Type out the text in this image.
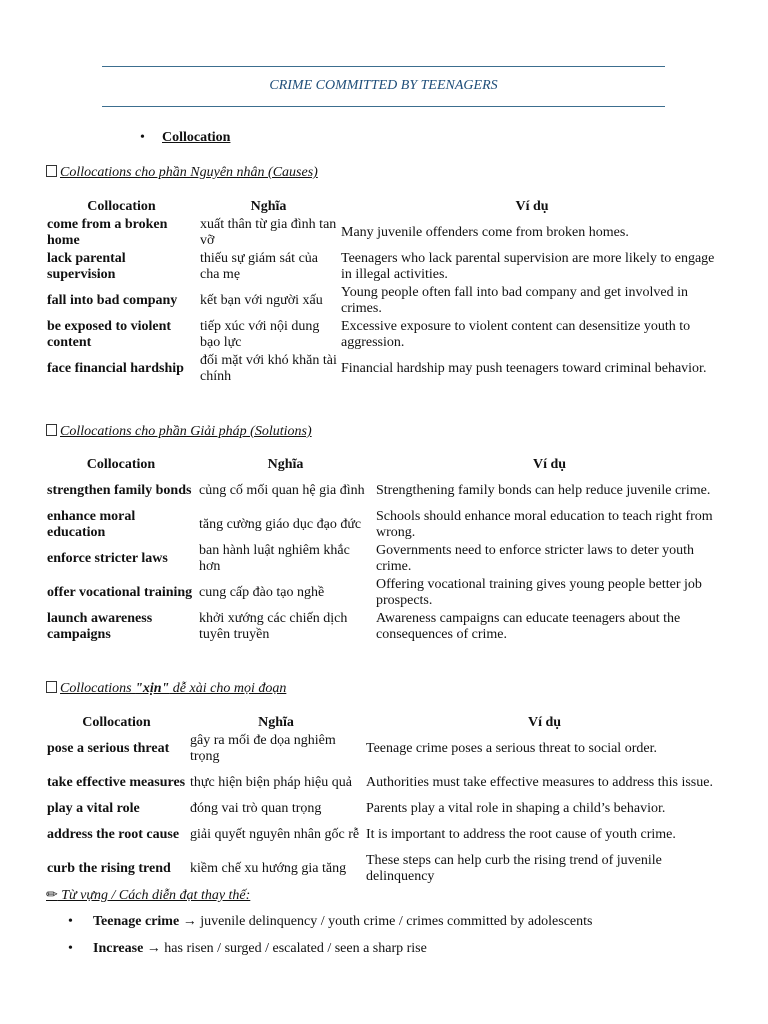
CRIME COMMITTED BY TEENAGERS
• Collocation
Collocations cho phần Nguyên nhân (Causes)
Collocation	Nghĩa	Ví dụ
come from a broken home	xuất thân từ gia đình tan vỡ	Many juvenile offenders come from broken homes.
lack parental supervision	thiếu sự giám sát của cha mẹ	Teenagers who lack parental supervision are more likely to engage in illegal activities.
fall into bad company	kết bạn với người xấu	Young people often fall into bad company and get involved in crimes.
be exposed to violent content	tiếp xúc với nội dung bạo lực	Excessive exposure to violent content can desensitize youth to aggression.
face financial hardship	đối mặt với khó khăn tài chính	Financial hardship may push teenagers toward criminal behavior.
Collocations cho phần Giải pháp (Solutions)
Collocation	Nghĩa	Ví dụ
strengthen family bonds	củng cố mối quan hệ gia đình	Strengthening family bonds can help reduce juvenile crime.
enhance moral education	tăng cường giáo dục đạo đức	Schools should enhance moral education to teach right from wrong.
enforce stricter laws	ban hành luật nghiêm khắc hơn	Governments need to enforce stricter laws to deter youth crime.
offer vocational training	cung cấp đào tạo nghề	Offering vocational training gives young people better job prospects.
launch awareness campaigns	khởi xướng các chiến dịch tuyên truyền	Awareness campaigns can educate teenagers about the consequences of crime.
Collocations "xịn" dễ xài cho mọi đoạn
Collocation	Nghĩa	Ví dụ
pose a serious threat	gây ra mối đe dọa nghiêm trọng	Teenage crime poses a serious threat to social order.
take effective measures	thực hiện biện pháp hiệu quả	Authorities must take effective measures to address this issue.
play a vital role	đóng vai trò quan trọng	Parents play a vital role in shaping a child’s behavior.
address the root cause	giải quyết nguyên nhân gốc rễ	It is important to address the root cause of youth crime.
curb the rising trend	kiềm chế xu hướng gia tăng	These steps can help curb the rising trend of juvenile delinquency
✏ Từ vựng / Cách diễn đạt thay thế:
• Teenage crime → juvenile delinquency / youth crime / crimes committed by adolescents
• Increase → has risen / surged / escalated / seen a sharp rise
